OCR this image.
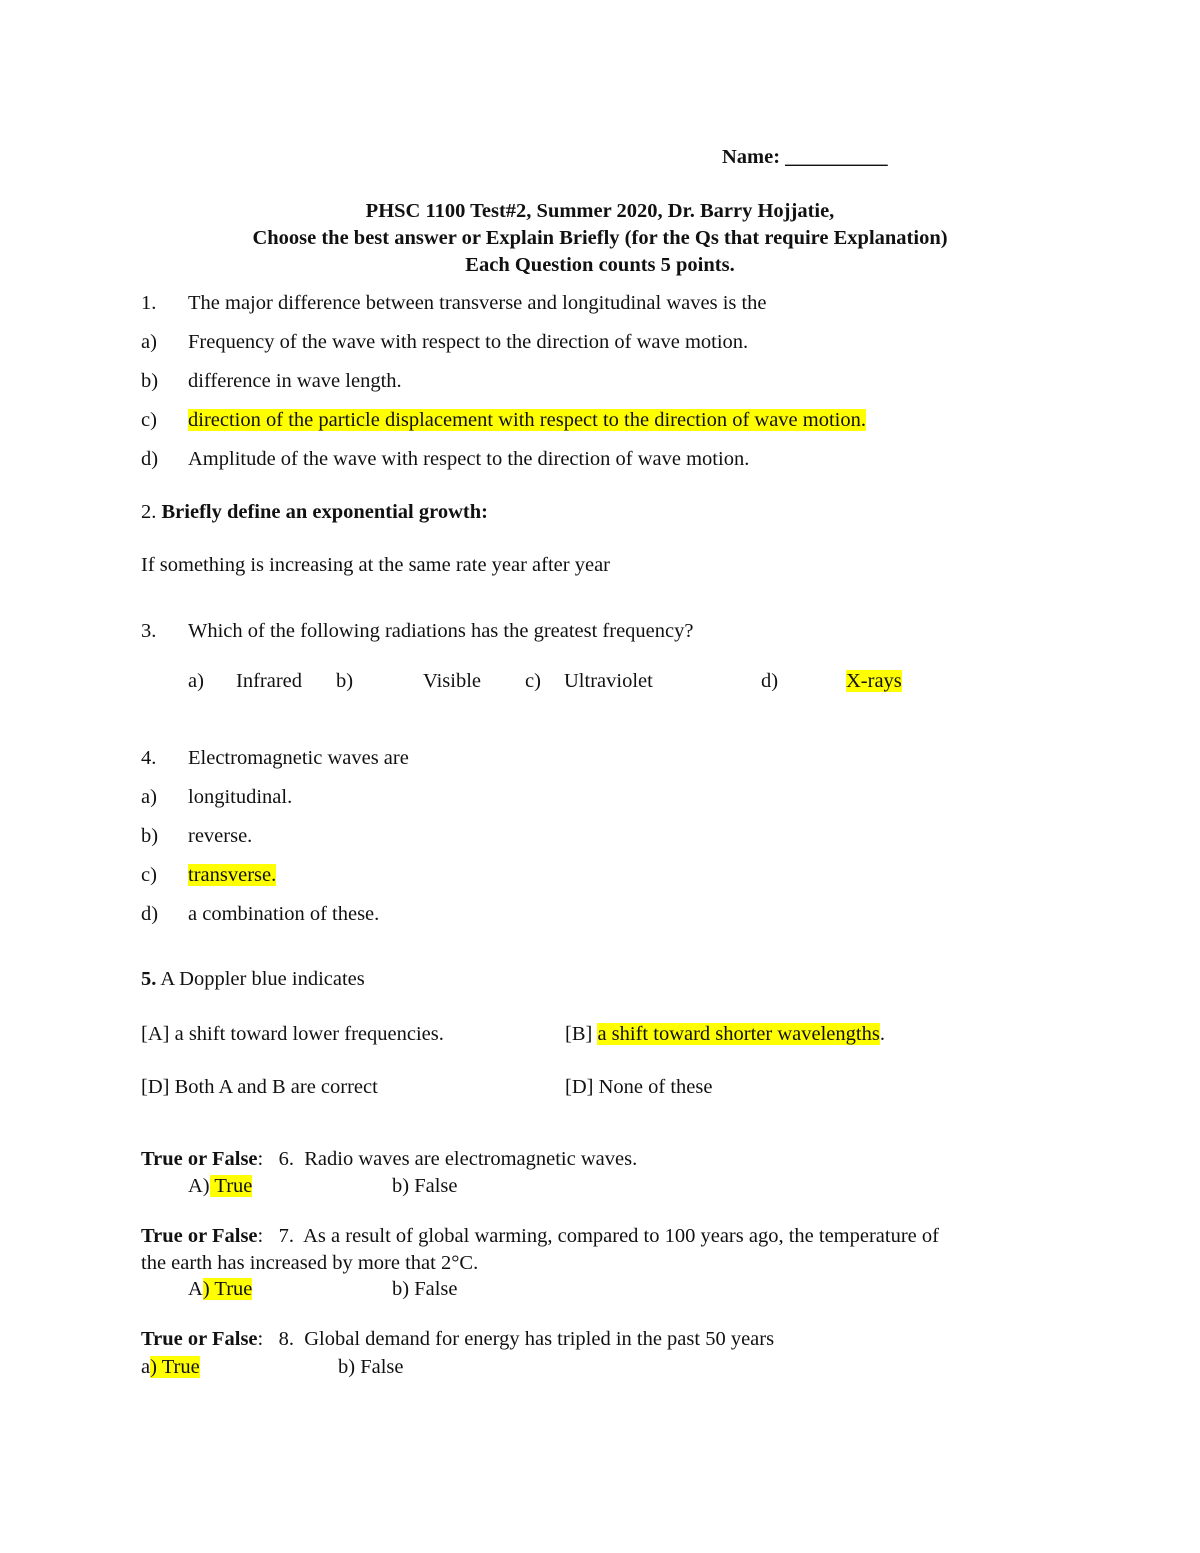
Name: __________
PHSC 1100 Test#2, Summer 2020, Dr. Barry Hojjatie,
Choose the best answer or Explain Briefly (for the Qs that require Explanation)
Each Question counts 5 points.
1. The major difference between transverse and longitudinal waves is the
a) Frequency of the wave with respect to the direction of wave motion.
b) difference in wave length.
c) direction of the particle displacement with respect to the direction of wave motion.
d) Amplitude of the wave with respect to the direction of wave motion.
2. Briefly define an exponential growth:
If something is increasing at the same rate year after year
3. Which of the following radiations has the greatest frequency?
a) Infrared b)	Visible c) Ultraviolet	d)	X-rays
4. Electromagnetic waves are
a) longitudinal.
b) reverse.
c) transverse.
d) a combination of these.
5. A Doppler blue indicates
[A] a shift toward lower frequencies.	[B] a shift toward shorter wavelengths.
[D] Both A and B are correct	[D] None of these
True or False:   6. Radio waves are electromagnetic waves.
A) True	b) False
True or False:   7. As a result of global warming, compared to 100 years ago, the temperature of
the earth has increased by more that 2°C.
A) True	b) False
True or False:   8. Global demand for energy has tripled in the past 50 years
a) True	b) False
